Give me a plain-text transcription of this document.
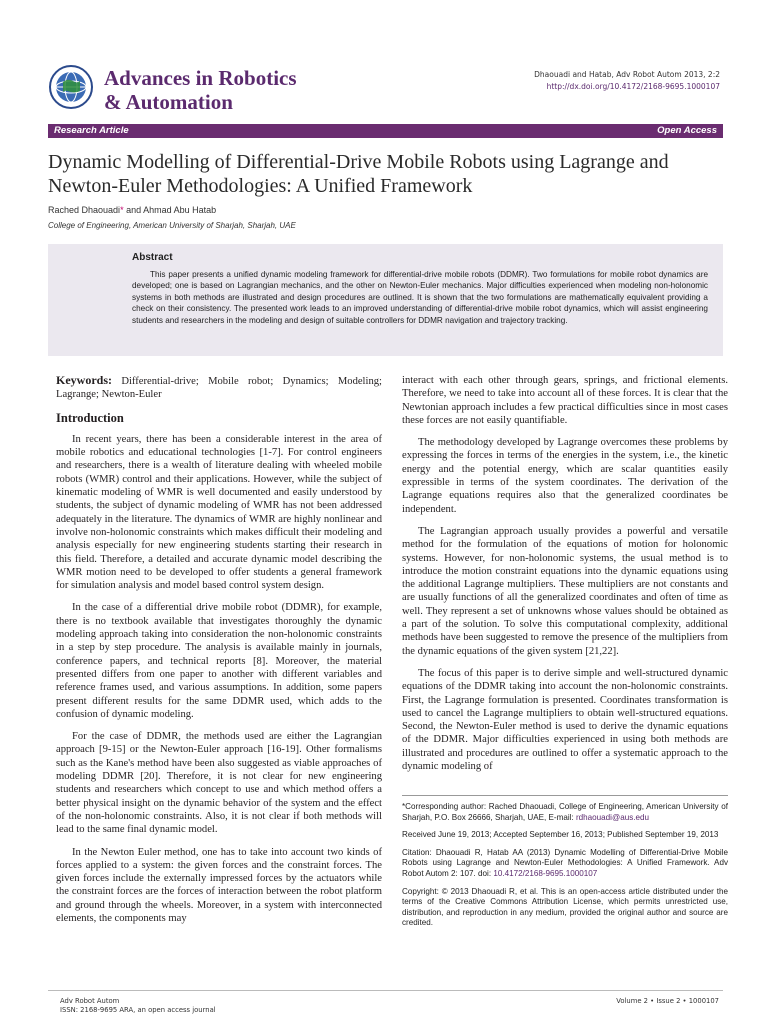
Advances in Robotics
& Automation
Dhaouadi and Hatab, Adv Robot Autom 2013, 2:2
http://dx.doi.org/10.4172/2168-9695.1000107
Research Article	Open Access
Dynamic Modelling of Differential-Drive Mobile Robots using Lagrange and
Newton-Euler Methodologies: A Unified Framework
Rached Dhaouadi* and Ahmad Abu Hatab
College of Engineering, American University of Sharjah, Sharjah, UAE
Abstract
This paper presents a unified dynamic modeling framework for differential-drive mobile robots (DDMR). Two formulations for mobile robot dynamics are developed; one is based on Lagrangian mechanics, and the other on Newton-Euler mechanics. Major difficulties experienced when modeling non-holonomic systems in both methods are illustrated and design procedures are outlined. It is shown that the two formulations are mathematically equivalent providing a check on their consistency. The presented work leads to an improved understanding of differential-drive mobile robot dynamics, which will assist engineering students and researchers in the modeling and design of suitable controllers for DDMR navigation and trajectory tracking.
Keywords: Differential-drive; Mobile robot; Dynamics; Modeling; Lagrange; Newton-Euler
Introduction
In recent years, there has been a considerable interest in the area of mobile robotics and educational technologies [1-7]. For control engineers and researchers, there is a wealth of literature dealing with wheeled mobile robots (WMR) control and their applications. However, while the subject of kinematic modeling of WMR is well documented and easily understood by students, the subject of dynamic modeling of WMR has not been addressed adequately in the literature. The dynamics of WMR are highly nonlinear and involve non-holonomic constraints which makes difficult their modeling and analysis especially for new engineering students starting their research in this field. Therefore, a detailed and accurate dynamic model describing the WMR motion need to be developed to offer students a general framework for simulation analysis and model based control system design.
In the case of a differential drive mobile robot (DDMR), for example, there is no textbook available that investigates thoroughly the dynamic modeling approach taking into consideration the non-holonomic constraints in a step by step procedure. The analysis is available mainly in journals, conference papers, and technical reports [8]. Moreover, the material presented differs from one paper to another with different variables and reference frames used, and various assumptions. In addition, some papers present different results for the same DDMR used, which adds to the confusion of dynamic modeling.
For the case of DDMR, the methods used are either the Lagrangian approach [9-15] or the Newton-Euler approach [16-19]. Other formalisms such as the Kane's method have been also suggested as viable approaches of modeling DDMR [20]. Therefore, it is not clear for new engineering students and researchers which concept to use and which method offers a better physical insight on the dynamic behavior of the system and the effect of the non-holonomic constraints. Also, it is not clear if both methods will lead to the same final dynamic model.
In the Newton Euler method, one has to take into account two kinds of forces applied to a system: the given forces and the constraint forces. The given forces include the externally impressed forces by the actuators while the constraint forces are the forces of interaction between the robot platform and ground through the wheels. Moreover, in a system with interconnected elements, the components may
interact with each other through gears, springs, and frictional elements. Therefore, we need to take into account all of these forces. It is clear that the Newtonian approach includes a few practical difficulties since in most cases these forces are not easily quantifiable.
The methodology developed by Lagrange overcomes these problems by expressing the forces in terms of the energies in the system, i.e., the kinetic energy and the potential energy, which are scalar quantities easily expressible in terms of the system coordinates. The derivation of the Lagrange equations requires also that the generalized coordinates be independent.
The Lagrangian approach usually provides a powerful and versatile method for the formulation of the equations of motion for holonomic systems. However, for non-holonomic systems, the usual method is to introduce the motion constraint equations into the dynamic equations using the additional Lagrange multipliers. These multipliers are not constants and are usually functions of all the generalized coordinates and often of time as well. They represent a set of unknowns whose values should be obtained as a part of the solution. To solve this computational complexity, additional methods have been suggested to remove the presence of the multipliers from the dynamic equations of the given system [21,22].
The focus of this paper is to derive simple and well-structured dynamic equations of the DDMR taking into account the non-holonomic constraints. First, the Lagrange formulation is presented. Coordinates transformation is used to cancel the Lagrange multipliers to obtain well-structured equations. Second, the Newton-Euler method is used to derive the dynamic equations of the DDMR. Major difficulties experienced in using both methods are illustrated and procedures are outlined to offer a systematic approach to the dynamic modeling of
*Corresponding author: Rached Dhaouadi, College of Engineering, American University of Sharjah, P.O. Box 26666, Sharjah, UAE, E-mail: rdhaouadi@aus.edu
Received June 19, 2013; Accepted September 16, 2013; Published September 19, 2013
Citation: Dhaouadi R, Hatab AA (2013) Dynamic Modelling of Differential-Drive Mobile Robots using Lagrange and Newton-Euler Methodologies: A Unified Framework. Adv Robot Autom 2: 107. doi: 10.4172/2168-9695.1000107
Copyright: © 2013 Dhaouadi R, et al. This is an open-access article distributed under the terms of the Creative Commons Attribution License, which permits unrestricted use, distribution, and reproduction in any medium, provided the original author and source are credited.
Adv Robot Autom
ISSN: 2168-9695 ARA, an open access journal
Volume 2 • Issue 2 • 1000107
